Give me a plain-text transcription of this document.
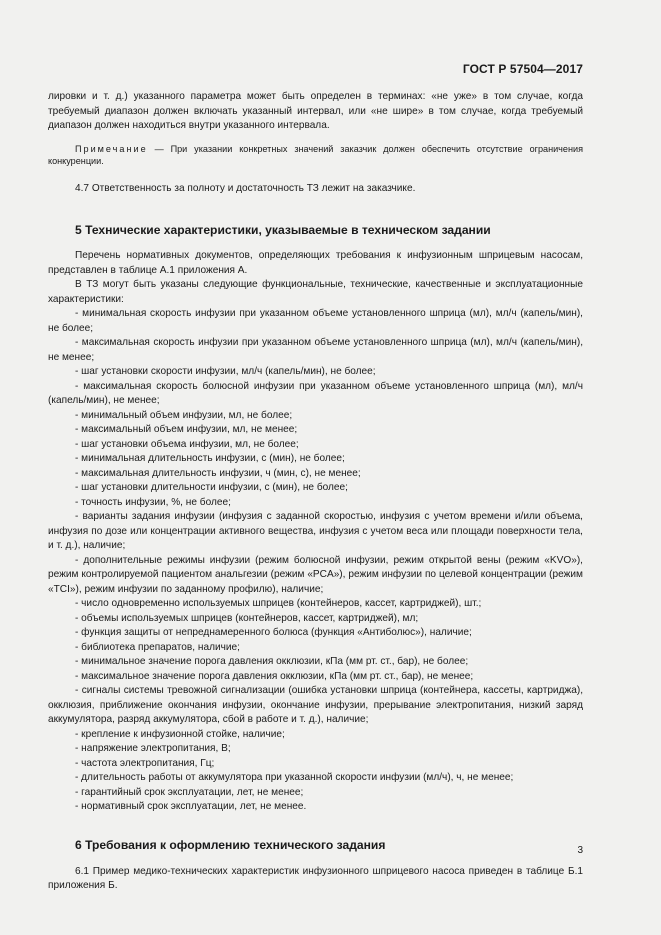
ГОСТ Р 57504—2017

лировки и т. д.) указанного параметра может быть определен в терминах: «не уже» в том случае, когда требуемый диапазон должен включать указанный интервал, или «не шире» в том случае, когда требуемый диапазон должен находиться внутри указанного интервала.

Примечание — При указании конкретных значений заказчик должен обеспечить отсутствие ограничения конкуренции.

4.7 Ответственность за полноту и достаточность ТЗ лежит на заказчике.

5 Технические характеристики, указываемые в техническом задании

Перечень нормативных документов, определяющих требования к инфузионным шприцевым насосам, представлен в таблице А.1 приложения А.

В ТЗ могут быть указаны следующие функциональные, технические, качественные и эксплуатационные характеристики:

- минимальная скорость инфузии при указанном объеме установленного шприца (мл), мл/ч (капель/мин), не более;

- максимальная скорость инфузии при указанном объеме установленного шприца (мл), мл/ч (капель/мин), не менее;

- шаг установки скорости инфузии, мл/ч (капель/мин), не более;

- максимальная скорость болюсной инфузии при указанном объеме установленного шприца (мл), мл/ч (капель/мин), не менее;

- минимальный объем инфузии, мл, не более;

- максимальный объем инфузии, мл, не менее;

- шаг установки объема инфузии, мл, не более;

- минимальная длительность инфузии, с (мин), не более;

- максимальная длительность инфузии, ч (мин, с), не менее;

- шаг установки длительности инфузии, с (мин), не более;

- точность инфузии, %, не более;

- варианты задания инфузии (инфузия с заданной скоростью, инфузия с учетом времени и/или объема, инфузия по дозе или концентрации активного вещества, инфузия с учетом веса или площади поверхности тела, и т. д.), наличие;

- дополнительные режимы инфузии (режим болюсной инфузии, режим открытой вены (режим «KVO»), режим контролируемой пациентом анальгезии (режим «PCA»), режим инфузии по целевой концентрации (режим «TCI»), режим инфузии по заданному профилю), наличие;

- число одновременно используемых шприцев (контейнеров, кассет, картриджей), шт.;

- объемы используемых шприцев (контейнеров, кассет, картриджей), мл;

- функция защиты от непреднамеренного болюса (функция «Антиболюс»), наличие;

- библиотека препаратов, наличие;

- минимальное значение порога давления окклюзии, кПа (мм рт. ст., бар), не более;

- максимальное значение порога давления окклюзии, кПа (мм рт. ст., бар), не менее;

- сигналы системы тревожной сигнализации (ошибка установки шприца (контейнера, кассеты, картриджа), окклюзия, приближение окончания инфузии, окончание инфузии, прерывание электропитания, низкий заряд аккумулятора, разряд аккумулятора, сбой в работе и т. д.), наличие;

- крепление к инфузионной стойке, наличие;

- напряжение электропитания, В;

- частота электропитания, Гц;

- длительность работы от аккумулятора при указанной скорости инфузии (мл/ч), ч, не менее;

- гарантийный срок эксплуатации, лет, не менее;

- нормативный срок эксплуатации, лет, не менее.

6 Требования к оформлению технического задания

6.1 Пример медико-технических характеристик инфузионного шприцевого насоса приведен в таблице Б.1 приложения Б.

3
